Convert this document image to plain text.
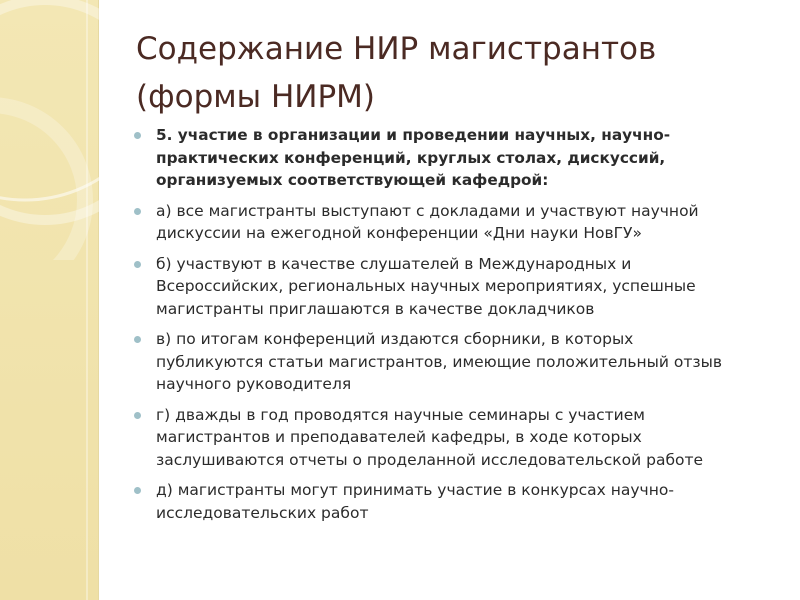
Содержание НИР магистрантов
(формы НИРМ)
5. участие в организации и проведении научных, научно-
практических конференций, круглых столах, дискуссий,
организуемых соответствующей кафедрой:
а) все магистранты выступают с докладами и участвуют научной
дискуссии на ежегодной конференции «Дни науки НовГУ»
б) участвуют в качестве слушателей в Международных и
Всероссийских, региональных научных мероприятиях, успешные
магистранты приглашаются в качестве докладчиков
в) по итогам конференций издаются сборники, в которых
публикуются статьи магистрантов, имеющие положительный отзыв
научного руководителя
г) дважды в год проводятся научные семинары с участием
магистрантов и преподавателей кафедры, в ходе которых
заслушиваются отчеты о проделанной исследовательской работе
д) магистранты могут принимать участие в конкурсах научно-
исследовательских работ
